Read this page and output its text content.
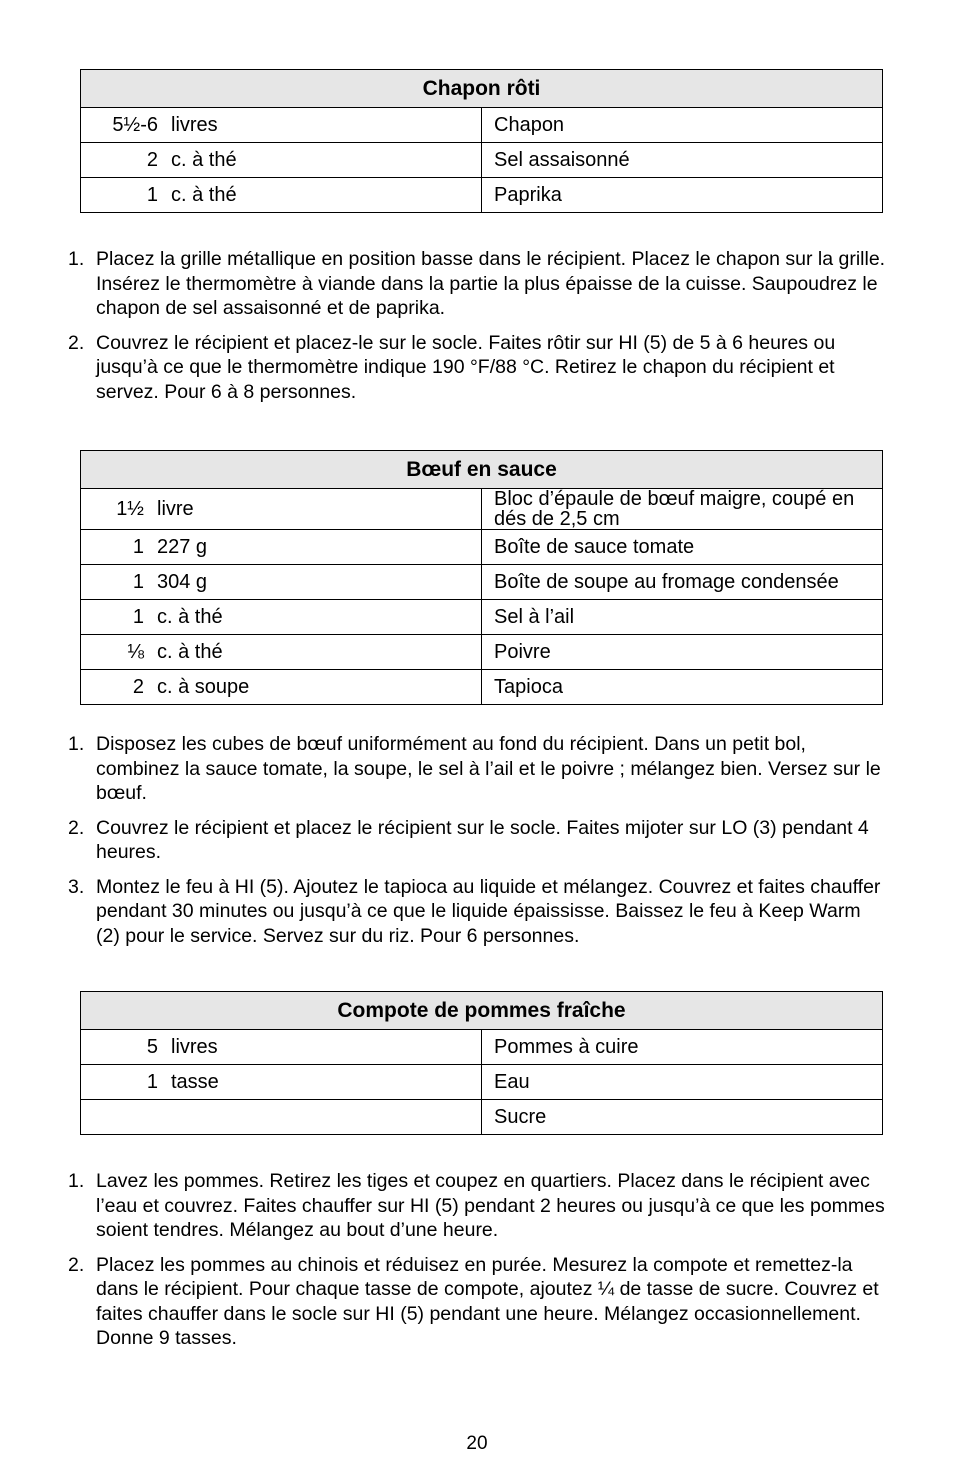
Chapon rôti	

5½-6 livres	Chapon

2 c. à thé	Sel assaisonné

1 c. à thé	Paprika
1. Placez la grille métallique en position basse dans le récipient. Placez le chapon sur la grille. Insérez le thermomètre à viande dans la partie la plus épaisse de la cuisse. Saupoudrez le chapon de sel assaisonné et de paprika.
2. Couvrez le récipient et placez-le sur le socle. Faites rôtir sur HI (5) de 5 à 6 heures ou jusqu’à ce que le thermomètre indique 190 °F/88 °C. Retirez le chapon du récipient et servez. Pour 6 à 8 personnes.
Bœuf en sauce	

1½ livre	Bloc d’épaule de bœuf maigre, coupé en dés de 2,5 cm

1 227 g	Boîte de sauce tomate

1 304 g	Boîte de soupe au fromage condensée

1 c. à thé	Sel à l’ail

⅛ c. à thé	Poivre

2 c. à soupe	Tapioca
1. Disposez les cubes de bœuf uniformément au fond du récipient. Dans un petit bol, combinez la sauce tomate, la soupe, le sel à l’ail et le poivre ; mélangez bien. Versez sur le bœuf.
2. Couvrez le récipient et placez le récipient sur le socle. Faites mijoter sur LO (3) pendant 4 heures.
3. Montez le feu à HI (5). Ajoutez le tapioca au liquide et mélangez. Couvrez et faites chauffer pendant 30 minutes ou jusqu’à ce que le liquide épaississe. Baissez le feu à Keep Warm (2) pour le service. Servez sur du riz. Pour 6 personnes.
Compote de pommes fraîche	

5 livres	Pommes à cuire

1 tasse	Eau

	Sucre
1. Lavez les pommes. Retirez les tiges et coupez en quartiers. Placez dans le récipient avec l’eau et couvrez. Faites chauffer sur HI (5) pendant 2 heures ou jusqu’à ce que les pommes soient tendres. Mélangez au bout d’une heure.
2. Placez les pommes au chinois et réduisez en purée. Mesurez la compote et remettez-la dans le récipient. Pour chaque tasse de compote, ajoutez ¼ de tasse de sucre. Couvrez et faites chauffer dans le socle sur HI (5) pendant une heure. Mélangez occasionnellement. Donne 9 tasses.
20
